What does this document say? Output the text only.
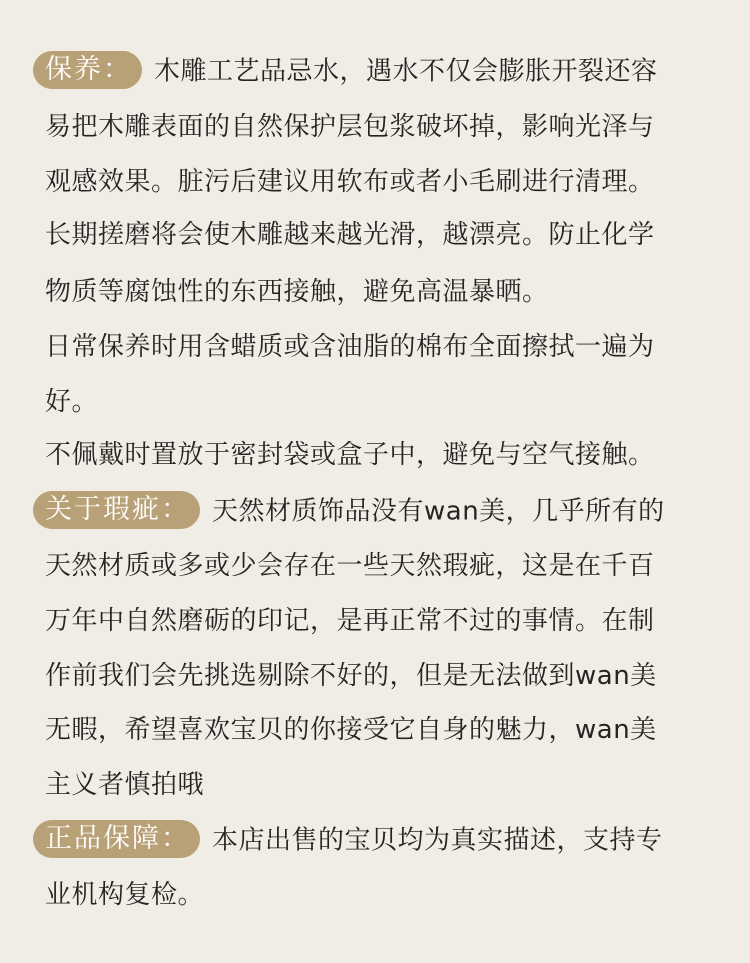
保养： 木雕工艺品忌水，遇水不仅会膨胀开裂还容
易把木雕表面的自然保护层包浆破坏掉，影响光泽与
观感效果。脏污后建议用软布或者小毛刷进行清理。
长期搓磨将会使木雕越来越光滑，越漂亮。防止化学
物质等腐蚀性的东西接触，避免高温暴晒。
日常保养时用含蜡质或含油脂的棉布全面擦拭一遍为
好。
不佩戴时置放于密封袋或盒子中，避免与空气接触。
关于瑕疵： 天然材质饰品没有wan美，几乎所有的
天然材质或多或少会存在一些天然瑕疵，这是在千百
万年中自然磨砺的印记，是再正常不过的事情。在制
作前我们会先挑选剔除不好的，但是无法做到wan美
无暇，希望喜欢宝贝的你接受它自身的魅力，wan美
主义者慎拍哦
正品保障： 本店出售的宝贝均为真实描述，支持专
业机构复检。
